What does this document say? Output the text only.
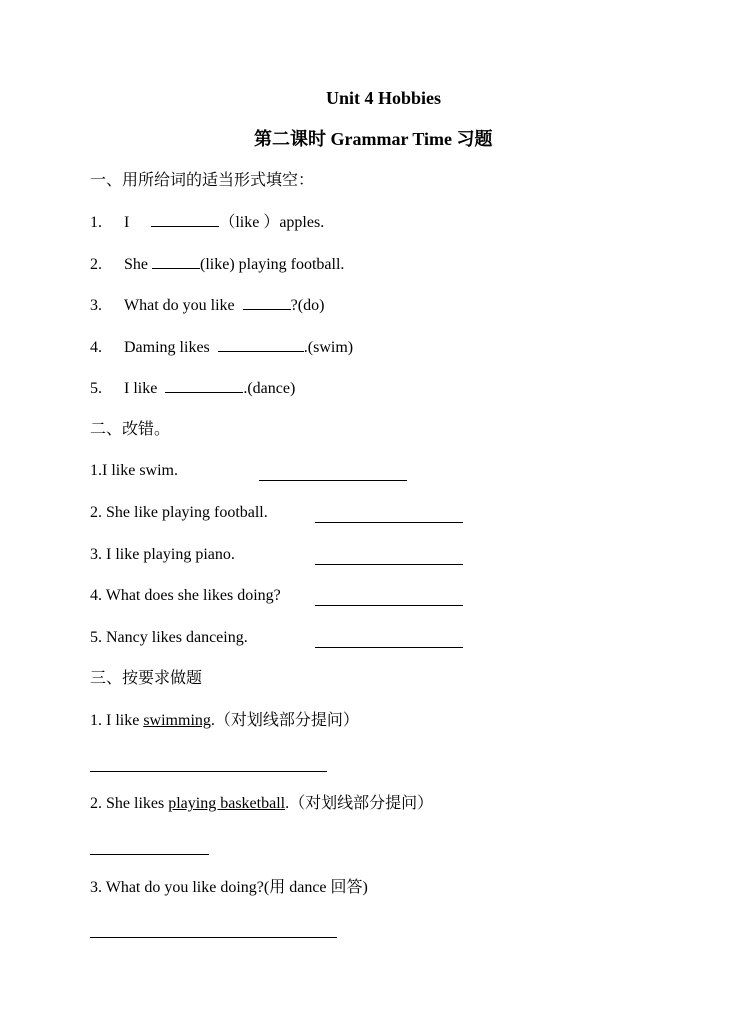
Unit 4 Hobbies
第二课时 Grammar Time 习题
一、用所给词的适当形式填空：
1. I	（like ）apples.
2. She	(like) playing football.
3. What do you like	?(do)
4. Daming likes	.(swim)
5. I like	.(dance)
二、改错。
1.I like swim.
2. She like playing football.
3. I like playing piano.
4. What does she likes doing?
5. Nancy likes danceing.
三、按要求做题
1. I like swimming.（对划线部分提问）
2. She likes playing basketball.（对划线部分提问）
3. What do you like doing?(用 dance 回答)
